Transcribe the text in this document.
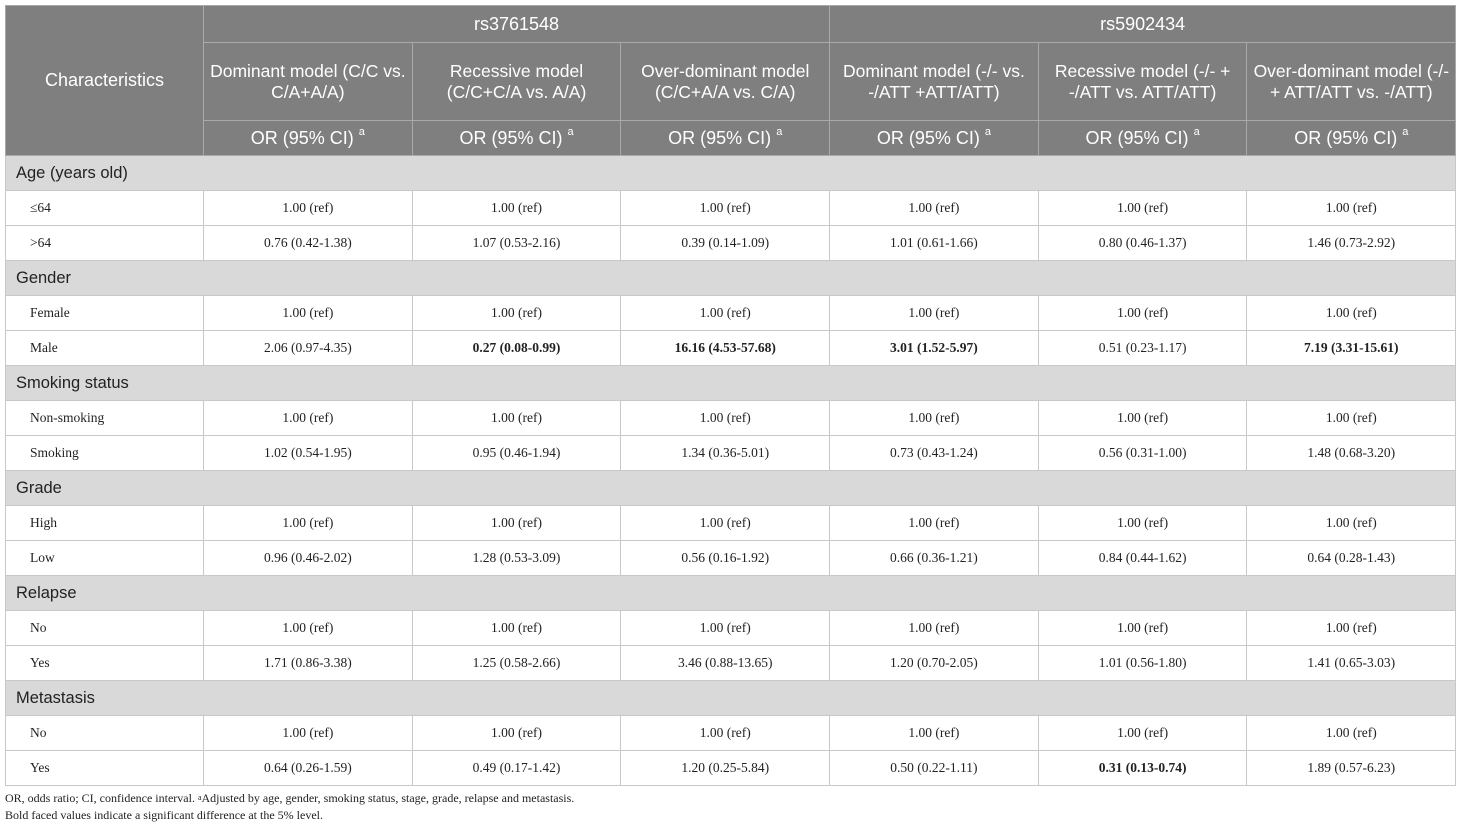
Characteristics	rs3761548			rs5902434		
	Dominant model (C/C vs. C/A+A/A)	Recessive model (C/C+C/A vs. A/A)	Over-dominant model (C/C+A/A vs. C/A)	Dominant model (-/- vs. -/ATT +ATT/ATT)	Recessive model (-/- + -/ATT vs. ATT/ATT)	Over-dominant model (-/- + ATT/ATT vs. -/ATT)
	OR (95% CI) $^a$	OR (95% CI) $^a$	OR (95% CI) $^a$	OR (95% CI) $^a$	OR (95% CI) $^a$	OR (95% CI) $^a$
Age (years old)						
≤64	1.00 (ref)	1.00 (ref)	1.00 (ref)	1.00 (ref)	1.00 (ref)	1.00 (ref)
>64	0.76 (0.42-1.38)	1.07 (0.53-2.16)	0.39 (0.14-1.09)	1.01 (0.61-1.66)	0.80 (0.46-1.37)	1.46 (0.73-2.92)
Gender						
Female	1.00 (ref)	1.00 (ref)	1.00 (ref)	1.00 (ref)	1.00 (ref)	1.00 (ref)
Male	2.06 (0.97-4.35)	0.27 (0.08-0.99)	16.16 (4.53-57.68)	3.01 (1.52-5.97)	0.51 (0.23-1.17)	7.19 (3.31-15.61)
Smoking status						
Non-smoking	1.00 (ref)	1.00 (ref)	1.00 (ref)	1.00 (ref)	1.00 (ref)	1.00 (ref)
Smoking	1.02 (0.54-1.95)	0.95 (0.46-1.94)	1.34 (0.36-5.01)	0.73 (0.43-1.24)	0.56 (0.31-1.00)	1.48 (0.68-3.20)
Grade						
High	1.00 (ref)	1.00 (ref)	1.00 (ref)	1.00 (ref)	1.00 (ref)	1.00 (ref)
Low	0.96 (0.46-2.02)	1.28 (0.53-3.09)	0.56 (0.16-1.92)	0.66 (0.36-1.21)	0.84 (0.44-1.62)	0.64 (0.28-1.43)
Relapse						
No	1.00 (ref)	1.00 (ref)	1.00 (ref)	1.00 (ref)	1.00 (ref)	1.00 (ref)
Yes	1.71 (0.86-3.38)	1.25 (0.58-2.66)	3.46 (0.88-13.65)	1.20 (0.70-2.05)	1.01 (0.56-1.80)	1.41 (0.65-3.03)
Metastasis						
No	1.00 (ref)	1.00 (ref)	1.00 (ref)	1.00 (ref)	1.00 (ref)	1.00 (ref)
Yes	0.64 (0.26-1.59)	0.49 (0.17-1.42)	1.20 (0.25-5.84)	0.50 (0.22-1.11)	0.31 (0.13-0.74)	1.89 (0.57-6.23)
OR, odds ratio; CI, confidence interval. $^a$Adjusted by age, gender, smoking status, stage, grade, relapse and metastasis.
Bold faced values indicate a significant difference at the 5% level.
